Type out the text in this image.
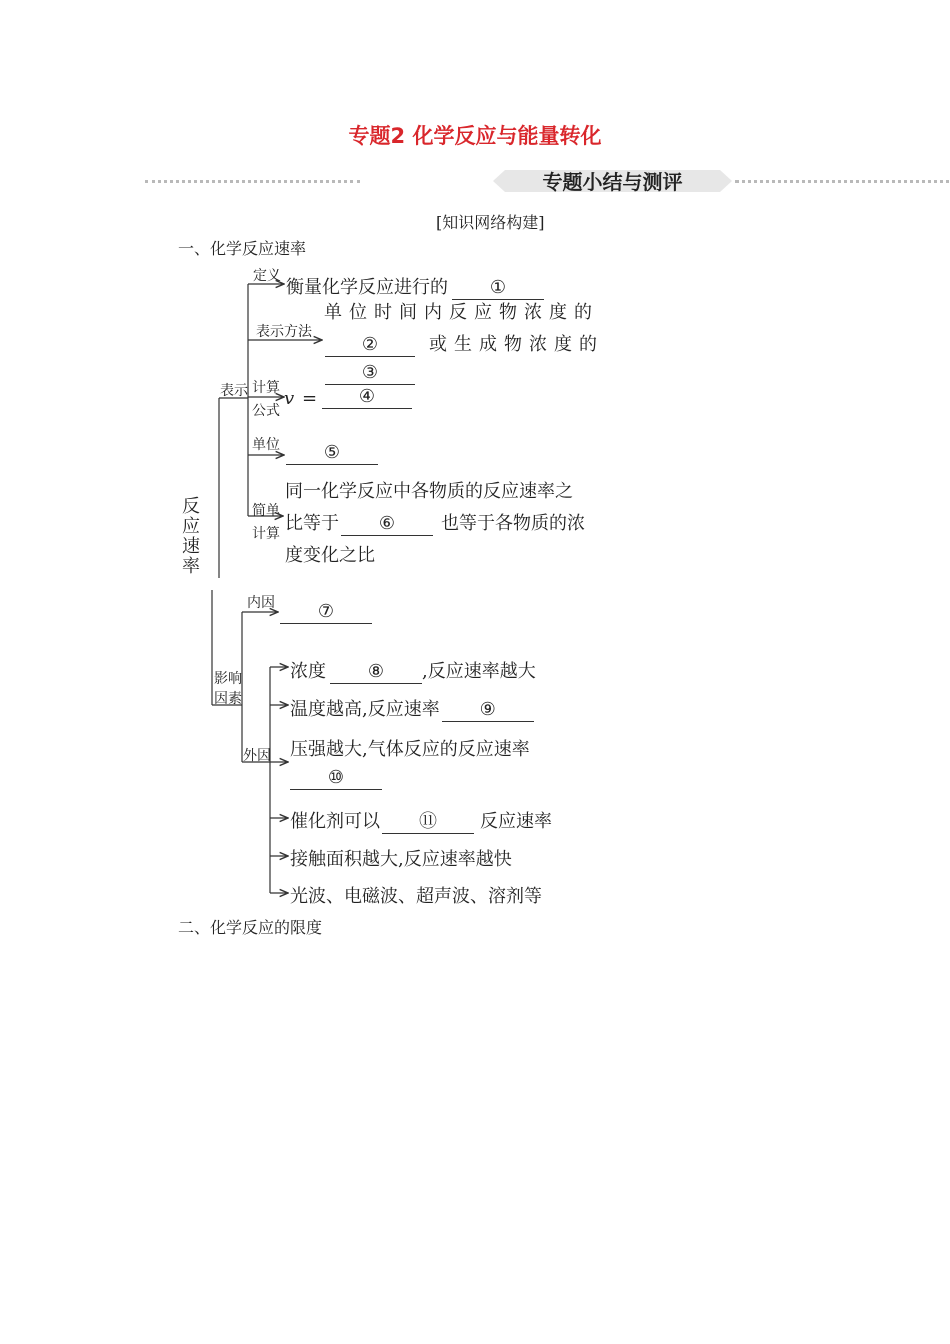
专题2 化学反应与能量转化
专题小结与测评
[知识网络构建]
一、化学反应速率
反应速率
表示
定义
衡量化学反应进行的 ①
单位时间内反应物浓度的
表示方法
②	或生成物浓度的
计算
公式
v =
③
④
单位	⑤
简单
计算
同一化学反应中各物质的反应速率之
比等于 ⑥	也等于各物质的浓
度变化之比
影响
因素
内因	⑦
外因
浓度 ⑧ ,反应速率越大
温度越高,反应速率 ⑨
压强越大,气体反应的反应速率
⑩
催化剂可以 ⑪ 反应速率
接触面积越大,反应速率越快
光波、电磁波、超声波、溶剂等
二、化学反应的限度
